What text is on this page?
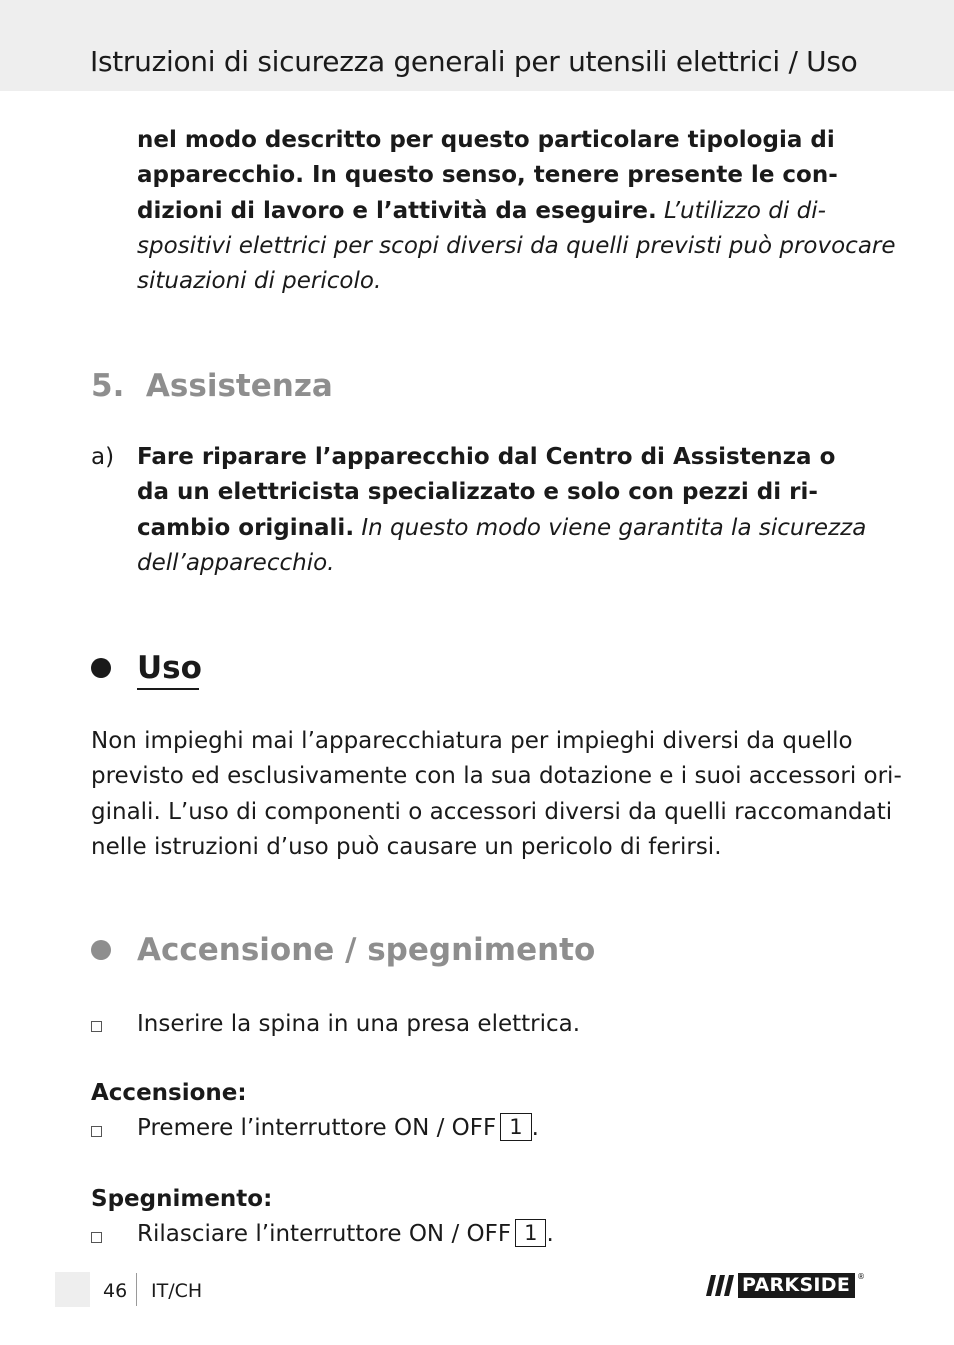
Istruzioni di sicurezza generali per utensili elettrici / Uso
nel modo descritto per questo particolare tipologia di
apparecchio. In questo senso, tenere presente le con-
dizioni di lavoro e l’attività da eseguire. L’utilizzo di di-
spositivi elettrici per scopi diversi da quelli previsti può provocare
situazioni di pericolo.
5.  Assistenza
a) Fare riparare l’apparecchio dal Centro di Assistenza o
da un elettricista specializzato e solo con pezzi di ri-
cambio originali. In questo modo viene garantita la sicurezza
dell’apparecchio.
Uso
Non impieghi mai l’apparecchiatura per impieghi diversi da quello
previsto ed esclusivamente con la sua dotazione e i suoi accessori ori-
ginali. L’uso di componenti o accessori diversi da quelli raccomandati
nelle istruzioni d’uso può causare un pericolo di ferirsi.
Accensione / spegnimento
Inserire la spina in una presa elettrica.
Accensione:
Premere l’interruttore ON / OFF 1 .
Spegnimento:
Rilasciare l’interruttore ON / OFF 1 .
46 IT/CH	PARKSIDE ®
